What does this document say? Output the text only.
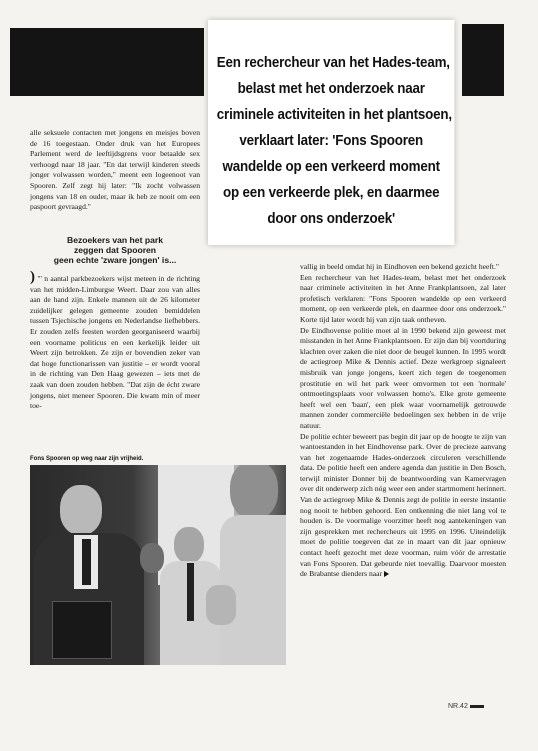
Een rechercheur van het Hades-team,
belast met het onderzoek naar
criminele activiteiten in het plantsoen,
verklaart later: 'Fons Spooren
wandelde op een verkeerd moment
op een verkeerde plek, en daarmee
door ons onderzoek'

alle seksuele contacten met jongens en meisjes boven de 16 toegestaan. Onder druk van het Europees Parlement werd de leeftijdsgrens voor betaalde sex verhoogd naar 18 jaar. "En dat terwijl kinderen steeds jonger volwassen worden," meent een logeenoot van Spooren. Zelf zegt hij later: "Ik zocht volwassen jongens van 18 en ouder, maar ik heb ze nooit om een paspoort gevraagd."

Bezoekers van het park
zeggen dat Spooren
geen echte 'zware jongen' is...

) "' n aantal parkbezoekers wijst meteen in de richting van het midden-Limburgse Weert. Daar zou van alles aan de hand zijn. Enkele mannen uit de 26 kilometer zuidelijker gelegen gemeente zouden bemiddelen tussen Tsjechische jongens en Nederlandse liefhebbers. Er zouden zelfs feesten worden georganiseerd waarbij een voorname politicus en een kerkelijk leider uit Weert zijn betrokken. Ze zijn er bovendien zeker van dat hoge functionarissen van justitie – er wordt vooral in de richting van Den Haag gewezen – iets met de zaak van doen zouden hebben. "Dat zijn de écht zware jongens, niet meneer Spooren. Die kwam min of meer toe-

Fons Spooren op weg naar zijn vrijheid.

vallig in beeld omdat hij in Eindhoven een bekend gezicht heeft."

Een rechercheur van het Hades-team, belast met het onderzoek naar criminele activiteiten in het Anne Frankplantsoen, zal later profetisch verklaren: "Fons Spooren wandelde op een verkeerd moment, op een verkeerde plek, en daarmee door ons onderzoek." Korte tijd later wordt hij van zijn taak ontheven.

De Eindhovense politie moet al in 1990 bekend zijn geweest met misstanden in het Anne Frankplantsoen. Er zijn dan bij voortduring klachten over zaken die niet door de beugel kunnen. In 1995 wordt de actiegroep Mike & Dennis actief. Deze werkgroep signaleert misbruik van jonge jongens, keert zich tegen de toegenomen prostitutie en wil het park weer omvormen tot een 'normale' ontmoetingsplaats voor volwassen homo's. Elke grote gemeente heeft wel een 'baan', een plek waar voornamelijk getrouwde mannen zonder commerciële bedoelingen sex hebben in de vrije natuur.

De politie echter beweert pas begin dit jaar op de hoogte te zijn van wantoestanden in het Eindhovense park. Over de precieze aanvang van het zogenaamde Hades-onderzoek circuleren verschillende data. De politie heeft een andere agenda dan justitie in Den Bosch, terwijl minister Donner bij de beantwoording van Kamervragen over dit onderwerp zich nóg weer een ander startmoment herinnert. Van de actiegroep Mike & Dennis zegt de politie in eerste instantie nog nooit te hebben gehoord. Een ontkenning die niet lang vol te houden is. De voormalige voorzitter heeft nog aantekeningen van zijn gesprekken met rechercheurs uit 1995 en 1996. Uiteindelijk moet de politie toegeven dat ze in maart van dit jaar opnieuw contact heeft gezocht met deze voorman, ruim vóór de arrestatie van Fons Spooren. Dat gebeurde niet toevallig. Daarvoor moesten de Brabantse dienders naar

NR.42
